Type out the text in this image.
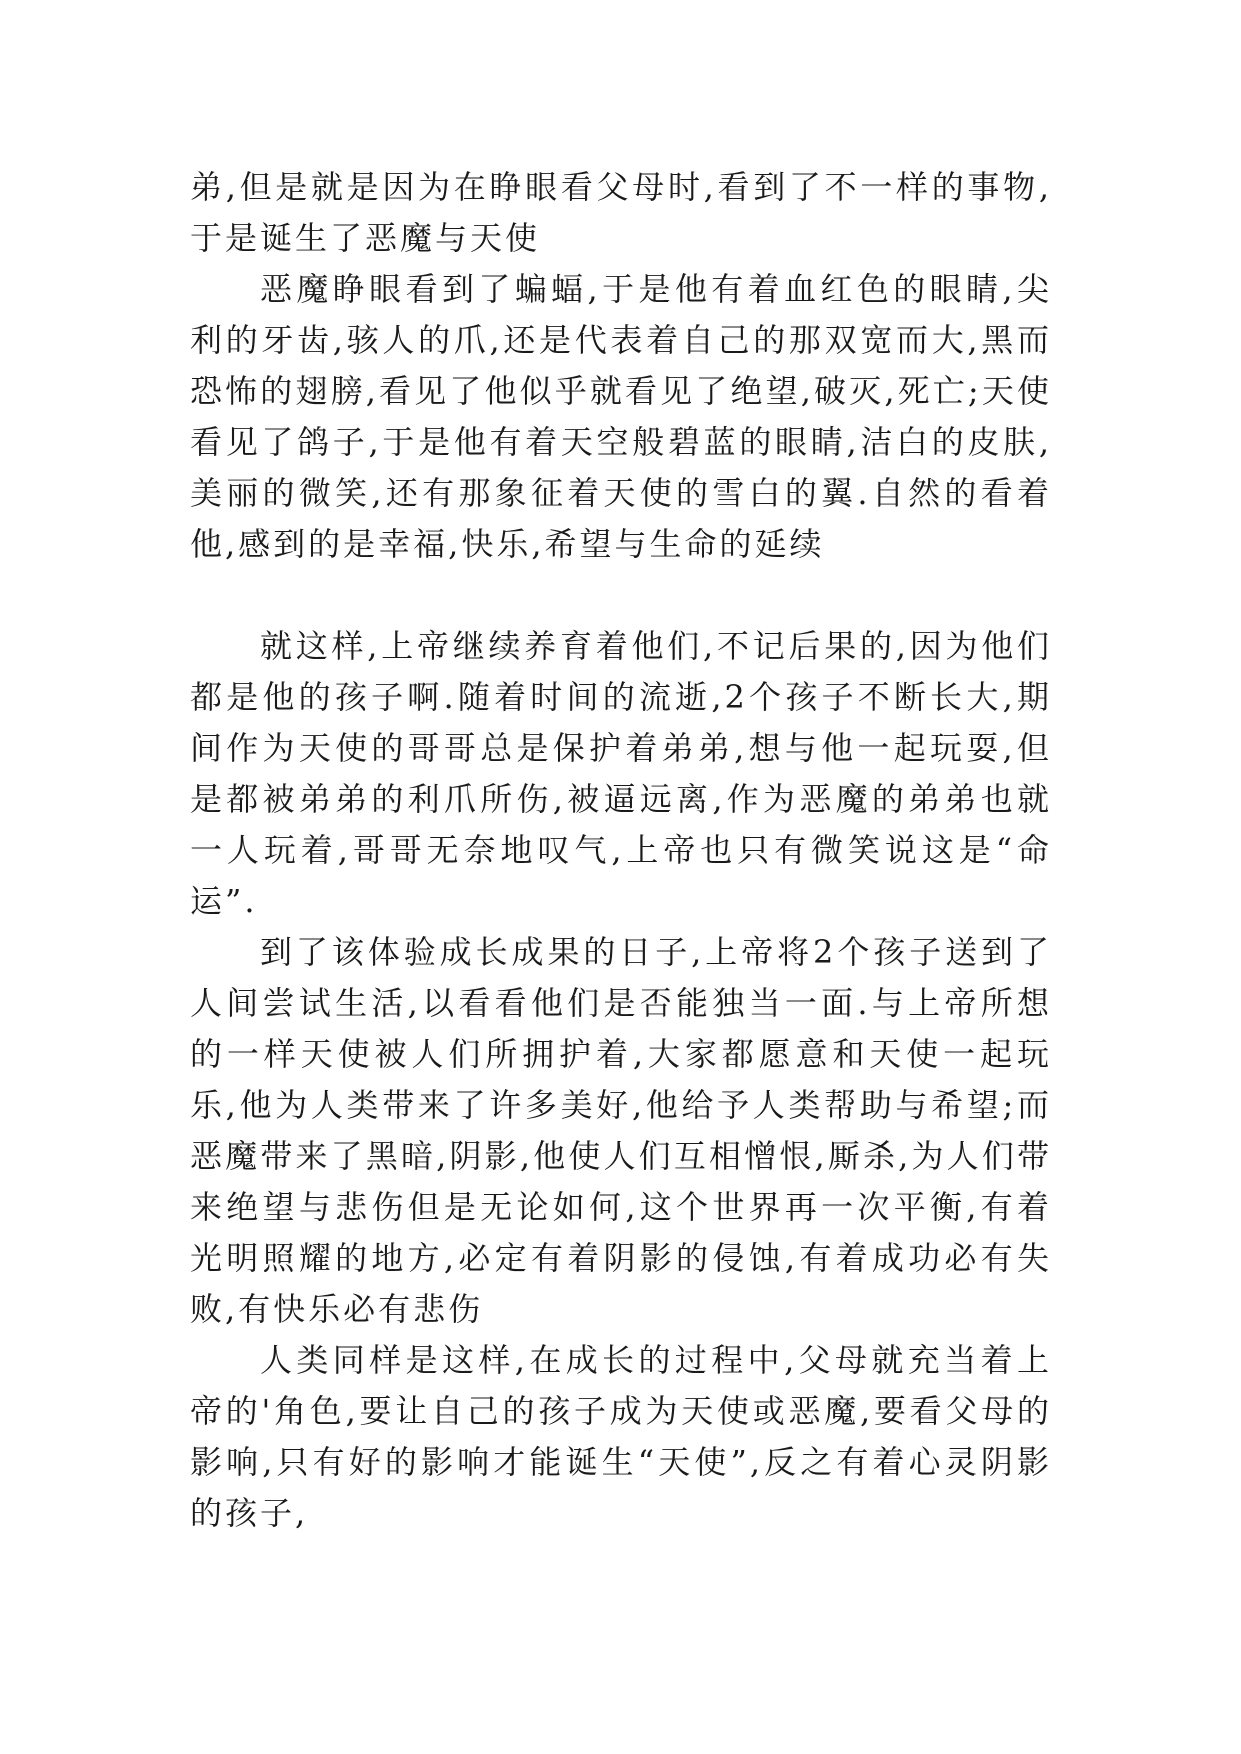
弟,但是就是因为在睁眼看父母时,看到了不一样的事物,于是诞生了恶魔与天使

恶魔睁眼看到了蝙蝠,于是他有着血红色的眼睛,尖利的牙齿,骇人的爪,还是代表着自己的那双宽而大,黑而恐怖的翅膀,看见了他似乎就看见了绝望,破灭,死亡;天使看见了鸽子,于是他有着天空般碧蓝的眼睛,洁白的皮肤,美丽的微笑,还有那象征着天使的雪白的翼.自然的看着他,感到的是幸福,快乐,希望与生命的延续

就这样,上帝继续养育着他们,不记后果的,因为他们都是他的孩子啊.随着时间的流逝,2个孩子不断长大,期间作为天使的哥哥总是保护着弟弟,想与他一起玩耍,但是都被弟弟的利爪所伤,被逼远离,作为恶魔的弟弟也就一人玩着,哥哥无奈地叹气,上帝也只有微笑说这是“命运”.

到了该体验成长成果的日子,上帝将2个孩子送到了人间尝试生活,以看看他们是否能独当一面.与上帝所想的一样天使被人们所拥护着,大家都愿意和天使一起玩乐,他为人类带来了许多美好,他给予人类帮助与希望;而恶魔带来了黑暗,阴影,他使人们互相憎恨,厮杀,为人们带来绝望与悲伤但是无论如何,这个世界再一次平衡,有着光明照耀的地方,必定有着阴影的侵蚀,有着成功必有失败,有快乐必有悲伤

人类同样是这样,在成长的过程中,父母就充当着上帝的'角色,要让自己的孩子成为天使或恶魔,要看父母的影响,只有好的影响才能诞生“天使”,反之有着心灵阴影的孩子,
